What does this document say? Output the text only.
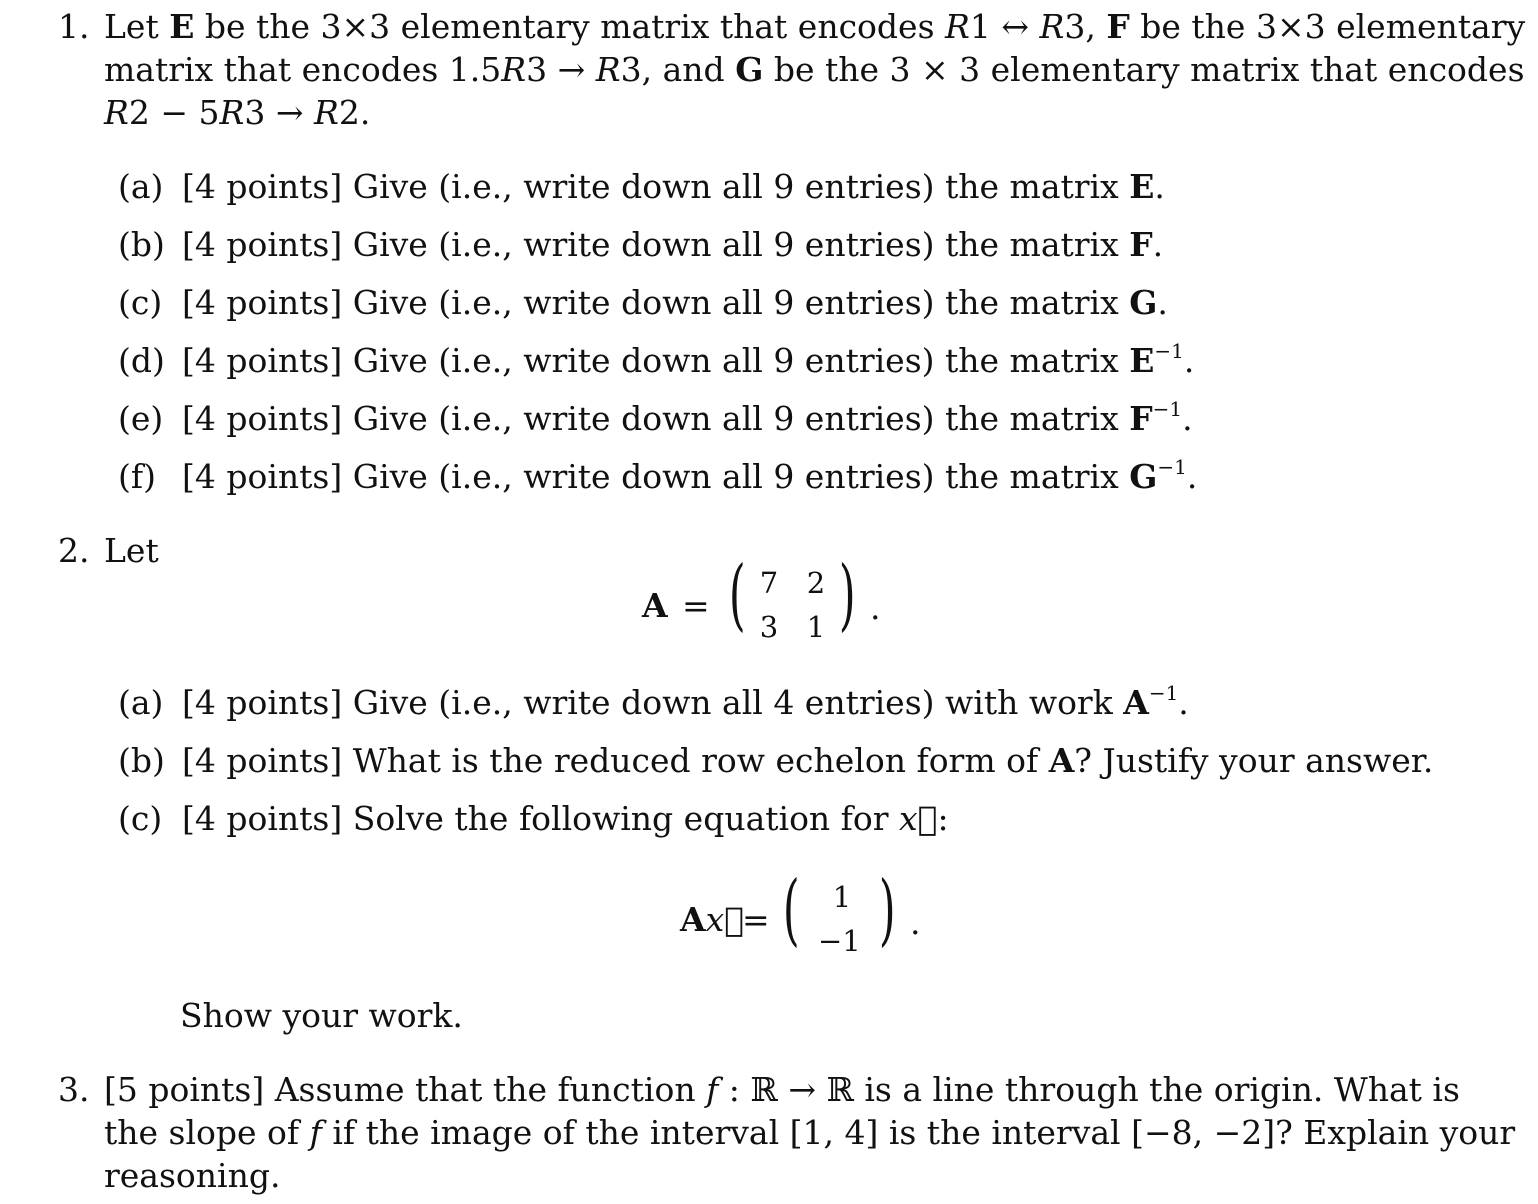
1. Let E be the 3×3 elementary matrix that encodes R1 ↔ R3, F be the 3×3 elementary
matrix that encodes 1.5R3 → R3, and G be the 3 × 3 elementary matrix that encodes
R2 − 5R3 → R2.
(a) [4 points] Give (i.e., write down all 9 entries) the matrix E.
(b) [4 points] Give (i.e., write down all 9 entries) the matrix F.
(c) [4 points] Give (i.e., write down all 9 entries) the matrix G.
(d) [4 points] Give (i.e., write down all 9 entries) the matrix $E^{-1}$.
(e) [4 points] Give (i.e., write down all 9 entries) the matrix $F^{-1}$.
(f) [4 points] Give (i.e., write down all 9 entries) the matrix $G^{-1}$.
2. Let
A = ( 7 2
3 1 ) .
(a) [4 points] Give (i.e., write down all 4 entries) with work $A^{-1}$.
(b) [4 points] What is the reduced row echelon form of A? Justify your answer.
(c) [4 points] Solve the following equation for x⃗:
Ax⃗
= (	1
−1 ) .
Show your work.
3. [5 points] Assume that the function f : ℝ → ℝ is a line through the origin. What is
the slope of f if the image of the interval [1, 4] is the interval [−8, −2]? Explain your
reasoning.
